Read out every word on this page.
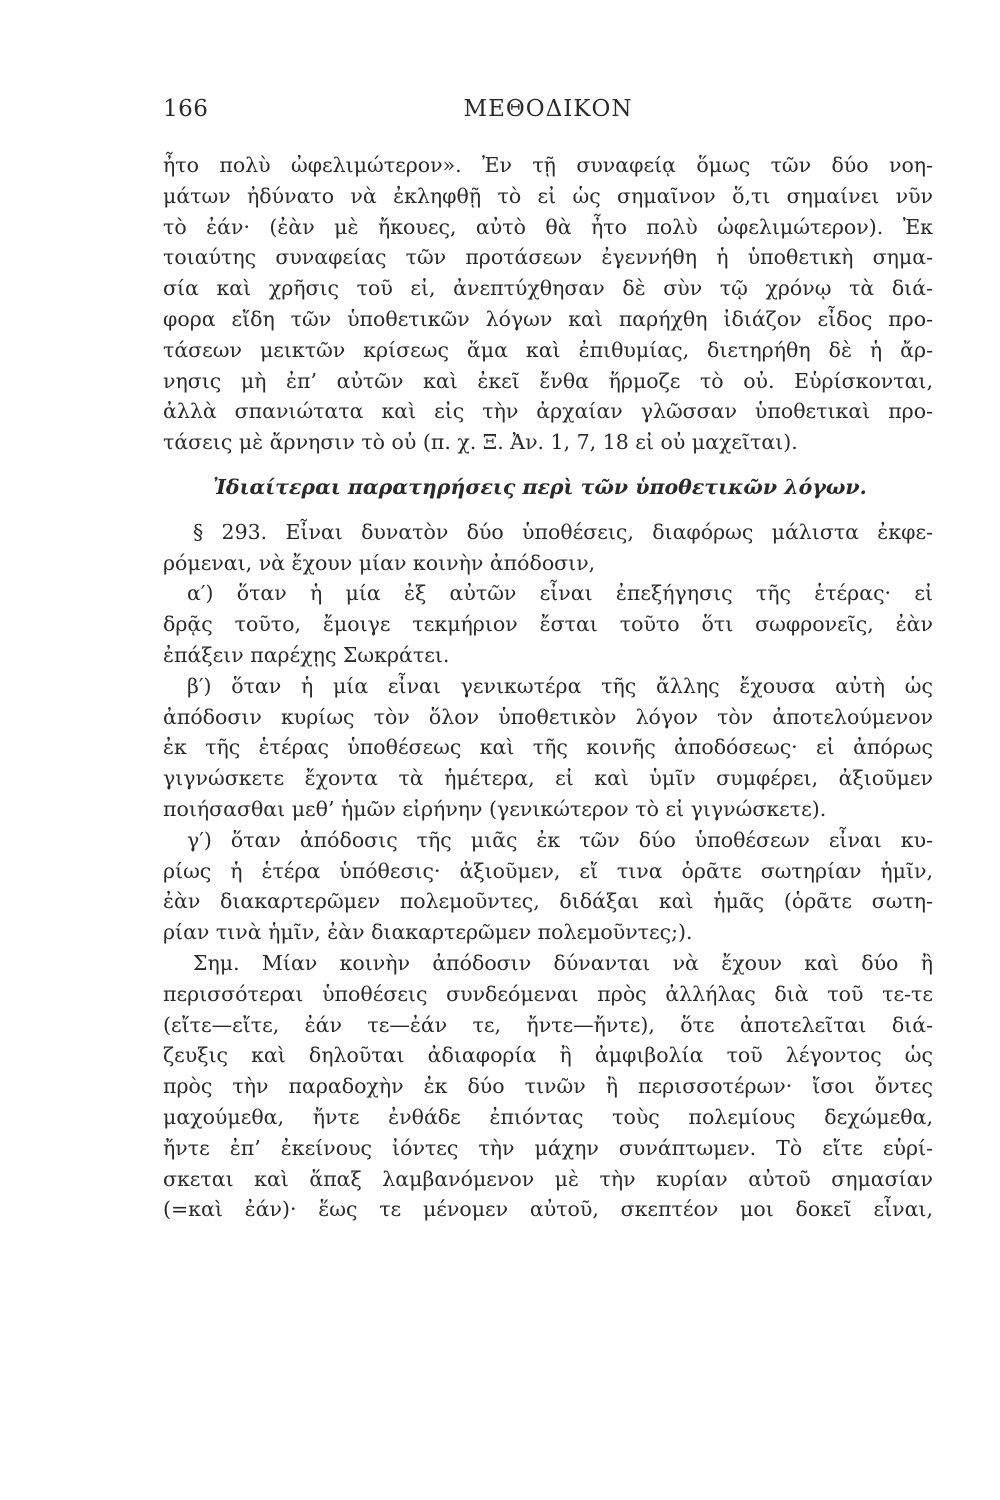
166	ΜΕΘΟΔΙΚΟΝ
ἦτο πολὺ ὠφελιμώτερον». Ἐν τῇ συναφείᾳ ὅμως τῶν δύο νοη-
μάτων ἠδύνατο νὰ ἐκληφθῇ τὸ εἰ ὡς σημαῖνον ὅ,τι σημαίνει νῦν
τὸ ἐάν· (ἐὰν μὲ ἤκουες, αὐτὸ θὰ ἦτο πολὺ ὠφελιμώτερον). Ἐκ
τοιαύτης συναφείας τῶν προτάσεων ἐγεννήθη ἡ ὑποθετικὴ σημα-
σία καὶ χρῆσις τοῦ εἰ, ἀνεπτύχθησαν δὲ σὺν τῷ χρόνῳ τὰ διά-
φορα εἴδη τῶν ὑποθετικῶν λόγων καὶ παρήχθη ἰδιάζον εἶδος προ-
τάσεων μεικτῶν κρίσεως ἅμα καὶ ἐπιθυμίας, διετηρήθη δὲ ἡ ἄρ-
νησις μὴ ἐπ’ αὐτῶν καὶ ἐκεῖ ἔνθα ἥρμοζε τὸ οὐ. Εὑρίσκονται,
ἀλλὰ σπανιώτατα καὶ εἰς τὴν ἀρχαίαν γλῶσσαν ὑποθετικαὶ προ-
τάσεις μὲ ἄρνησιν τὸ οὐ (π. χ. Ξ. Ἀν. 1, 7, 18 εἰ οὐ μαχεῖται).
Ἰδιαίτεραι παρατηρήσεις περὶ τῶν ὑποθετικῶν λόγων.
§ 293. Εἶναι δυνατὸν δύο ὑποθέσεις, διαφόρως μάλιστα ἐκφε-
ρόμεναι, νὰ ἔχουν μίαν κοινὴν ἀπόδοσιν,
α′) ὅταν ἡ μία ἐξ αὐτῶν εἶναι ἐπεξήγησις τῆς ἑτέρας· εἰ
δρᾷς τοῦτο, ἔμοιγε τεκμήριον ἔσται τοῦτο ὅτι σωφρονεῖς, ἐὰν
ἐπάξειν παρέχῃς Σωκράτει.
β′) ὅταν ἡ μία εἶναι γενικωτέρα τῆς ἄλλης ἔχουσα αὐτὴ ὡς
ἀπόδοσιν κυρίως τὸν ὅλον ὑποθετικὸν λόγον τὸν ἀποτελούμενον
ἐκ τῆς ἑτέρας ὑποθέσεως καὶ τῆς κοινῆς ἀποδόσεως· εἰ ἀπόρως
γιγνώσκετε ἔχοντα τὰ ἡμέτερα, εἰ καὶ ὑμῖν συμφέρει, ἀξιοῦμεν
ποιήσασθαι μεθ’ ἡμῶν εἰρήνην (γενικώτερον τὸ εἰ γιγνώσκετε).
γ′) ὅταν ἀπόδοσις τῆς μιᾶς ἐκ τῶν δύο ὑποθέσεων εἶναι κυ-
ρίως ἡ ἑτέρα ὑπόθεσις· ἀξιοῦμεν, εἴ τινα ὁρᾶτε σωτηρίαν ἡμῖν,
ἐὰν διακαρτερῶμεν πολεμοῦντες, διδάξαι καὶ ἡμᾶς (ὁρᾶτε σωτη-
ρίαν τινὰ ἡμῖν, ἐὰν διακαρτερῶμεν πολεμοῦντες;).
Σημ. Μίαν κοινὴν ἀπόδοσιν δύνανται νὰ ἔχουν καὶ δύο ἢ
περισσότεραι ὑποθέσεις συνδεόμεναι πρὸς ἀλλήλας διὰ τοῦ τε-τε
(εἴτε—εἴτε, ἐάν τε—ἐάν τε, ἤντε—ἤντε), ὅτε ἀποτελεῖται διά-
ζευξις καὶ δηλοῦται ἀδιαφορία ἢ ἀμφιβολία τοῦ λέγοντος ὡς
πρὸς τὴν παραδοχὴν ἐκ δύο τινῶν ἢ περισσοτέρων· ἴσοι ὄντες
μαχούμεθα, ἤντε ἐνθάδε ἐπιόντας τοὺς πολεμίους δεχώμεθα,
ἤντε ἐπ’ ἐκείνους ἰόντες τὴν μάχην συνάπτωμεν. Τὸ εἴτε εὑρί-
σκεται καὶ ἅπαξ λαμβανόμενον μὲ τὴν κυρίαν αὐτοῦ σημασίαν
(=καὶ ἐάν)· ἕως τε μένομεν αὐτοῦ, σκεπτέον μοι δοκεῖ εἶναι,
